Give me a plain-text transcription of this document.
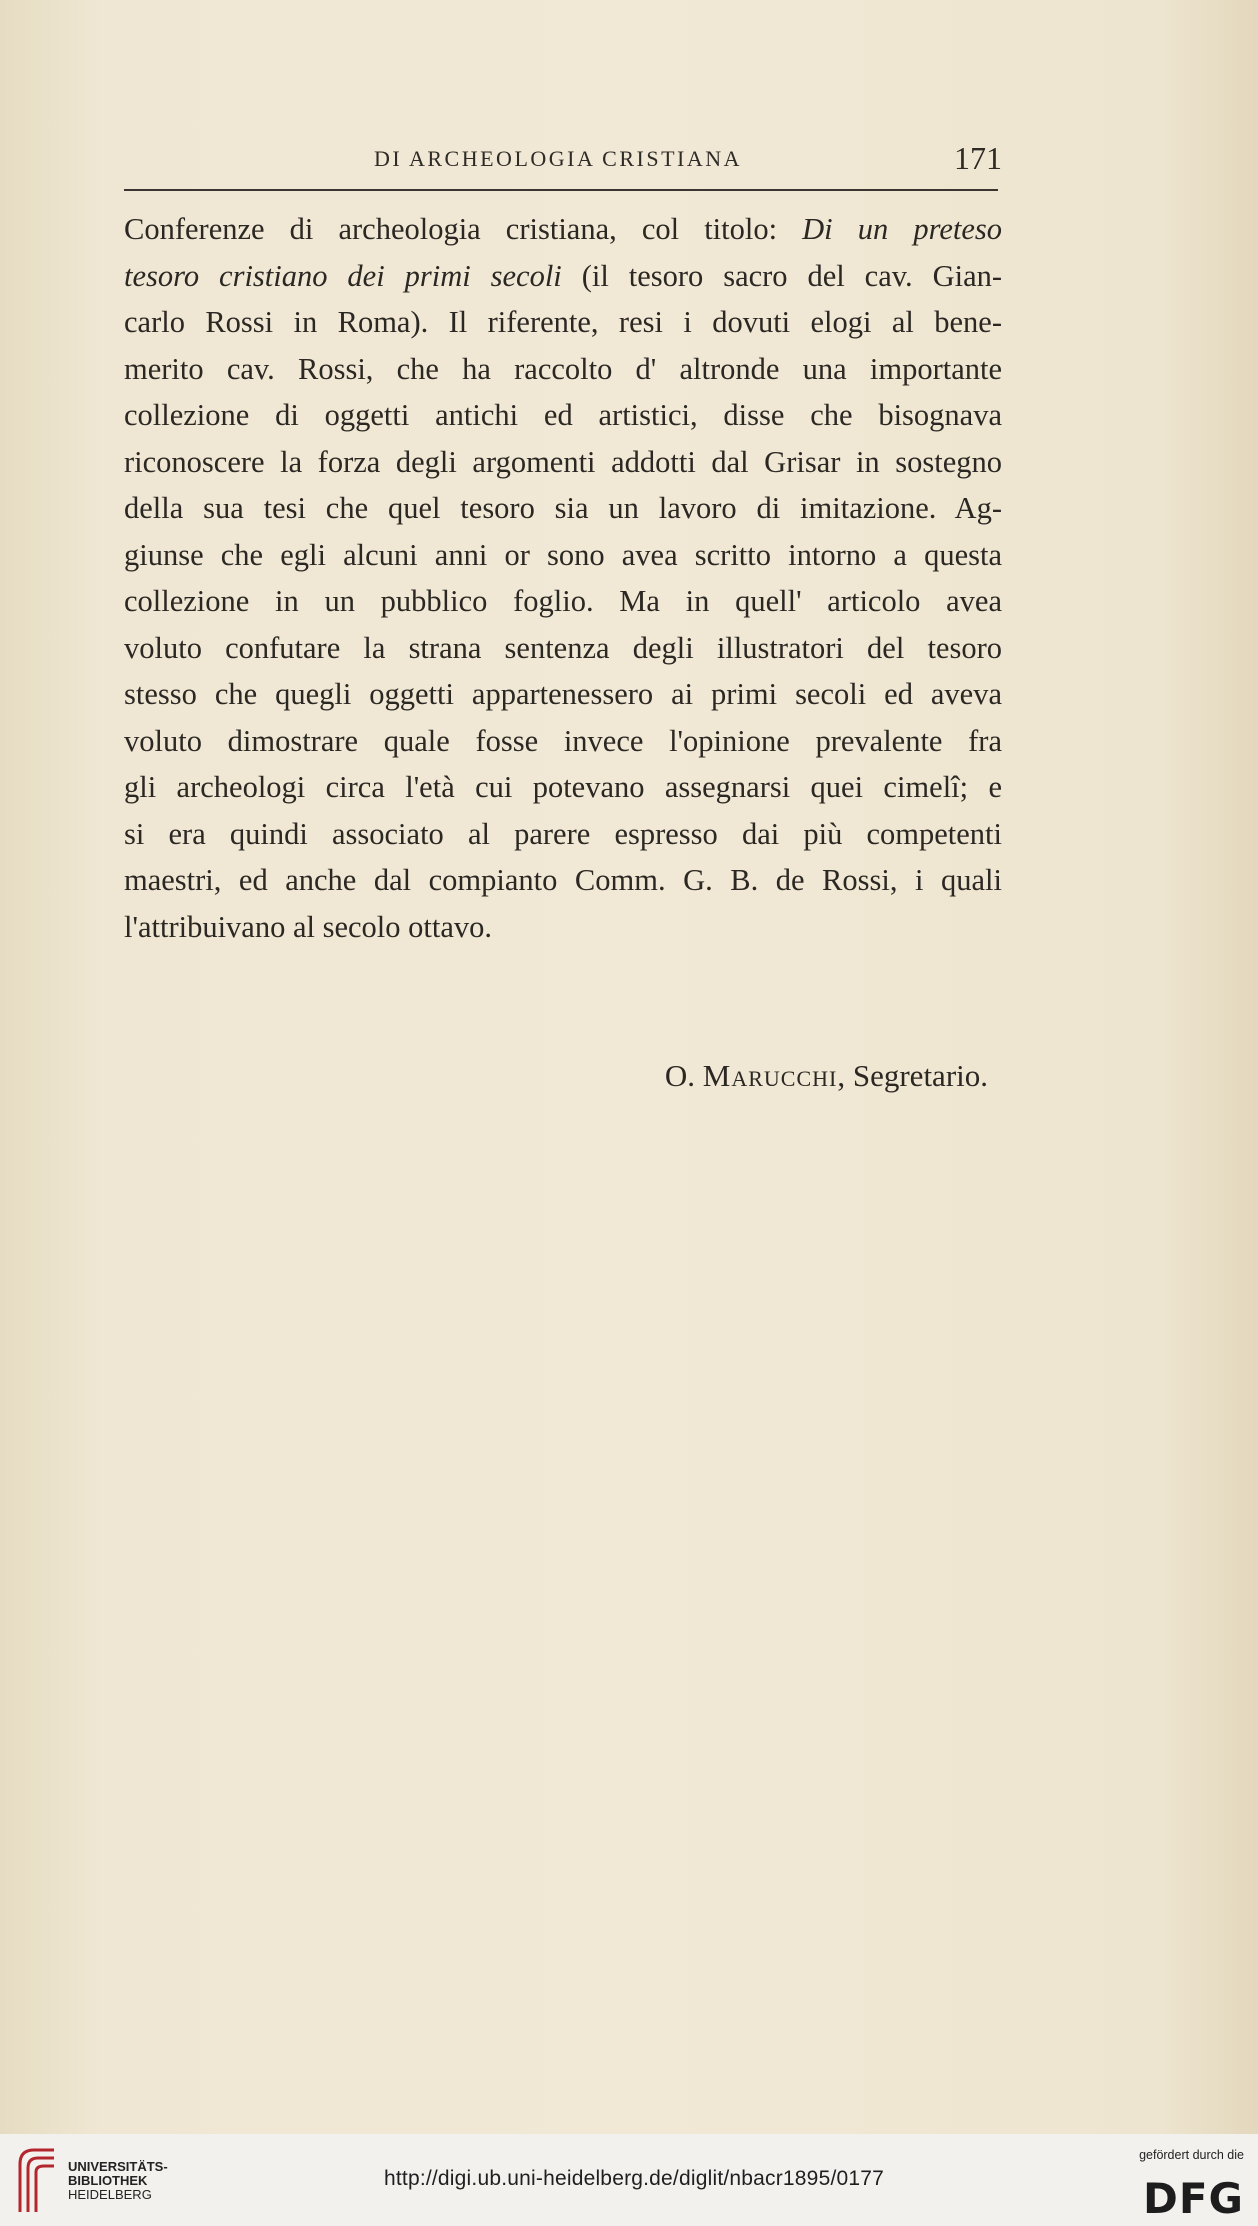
DI ARCHEOLOGIA CRISTIANA	171
Conferenze di archeologia cristiana, col titolo: Di un preteso
tesoro cristiano dei primi secoli (il tesoro sacro del cav. Gian-
carlo Rossi in Roma). Il riferente, resi i dovuti elogi al bene-
merito cav. Rossi, che ha raccolto d' altronde una importante
collezione di oggetti antichi ed artistici, disse che bisognava
riconoscere la forza degli argomenti addotti dal Grisar in sostegno
della sua tesi che quel tesoro sia un lavoro di imitazione. Ag-
giunse che egli alcuni anni or sono avea scritto intorno a questa
collezione in un pubblico foglio. Ma in quell' articolo avea
voluto confutare la strana sentenza degli illustratori del tesoro
stesso che quegli oggetti appartenessero ai primi secoli ed aveva
voluto dimostrare quale fosse invece l'opinione prevalente fra
gli archeologi circa l'età cui potevano assegnarsi quei cimelî; e
si era quindi associato al parere espresso dai più competenti
maestri, ed anche dal compianto Comm. G. B. de Rossi, i quali
l'attribuivano al secolo ottavo.
O. Marucchi, Segretario.
UNIVERSITÄTS-
BIBLIOTHEK
HEIDELBERG
http://digi.ub.uni-heidelberg.de/diglit/nbacr1895/0177
gefördert durch die
DFG
